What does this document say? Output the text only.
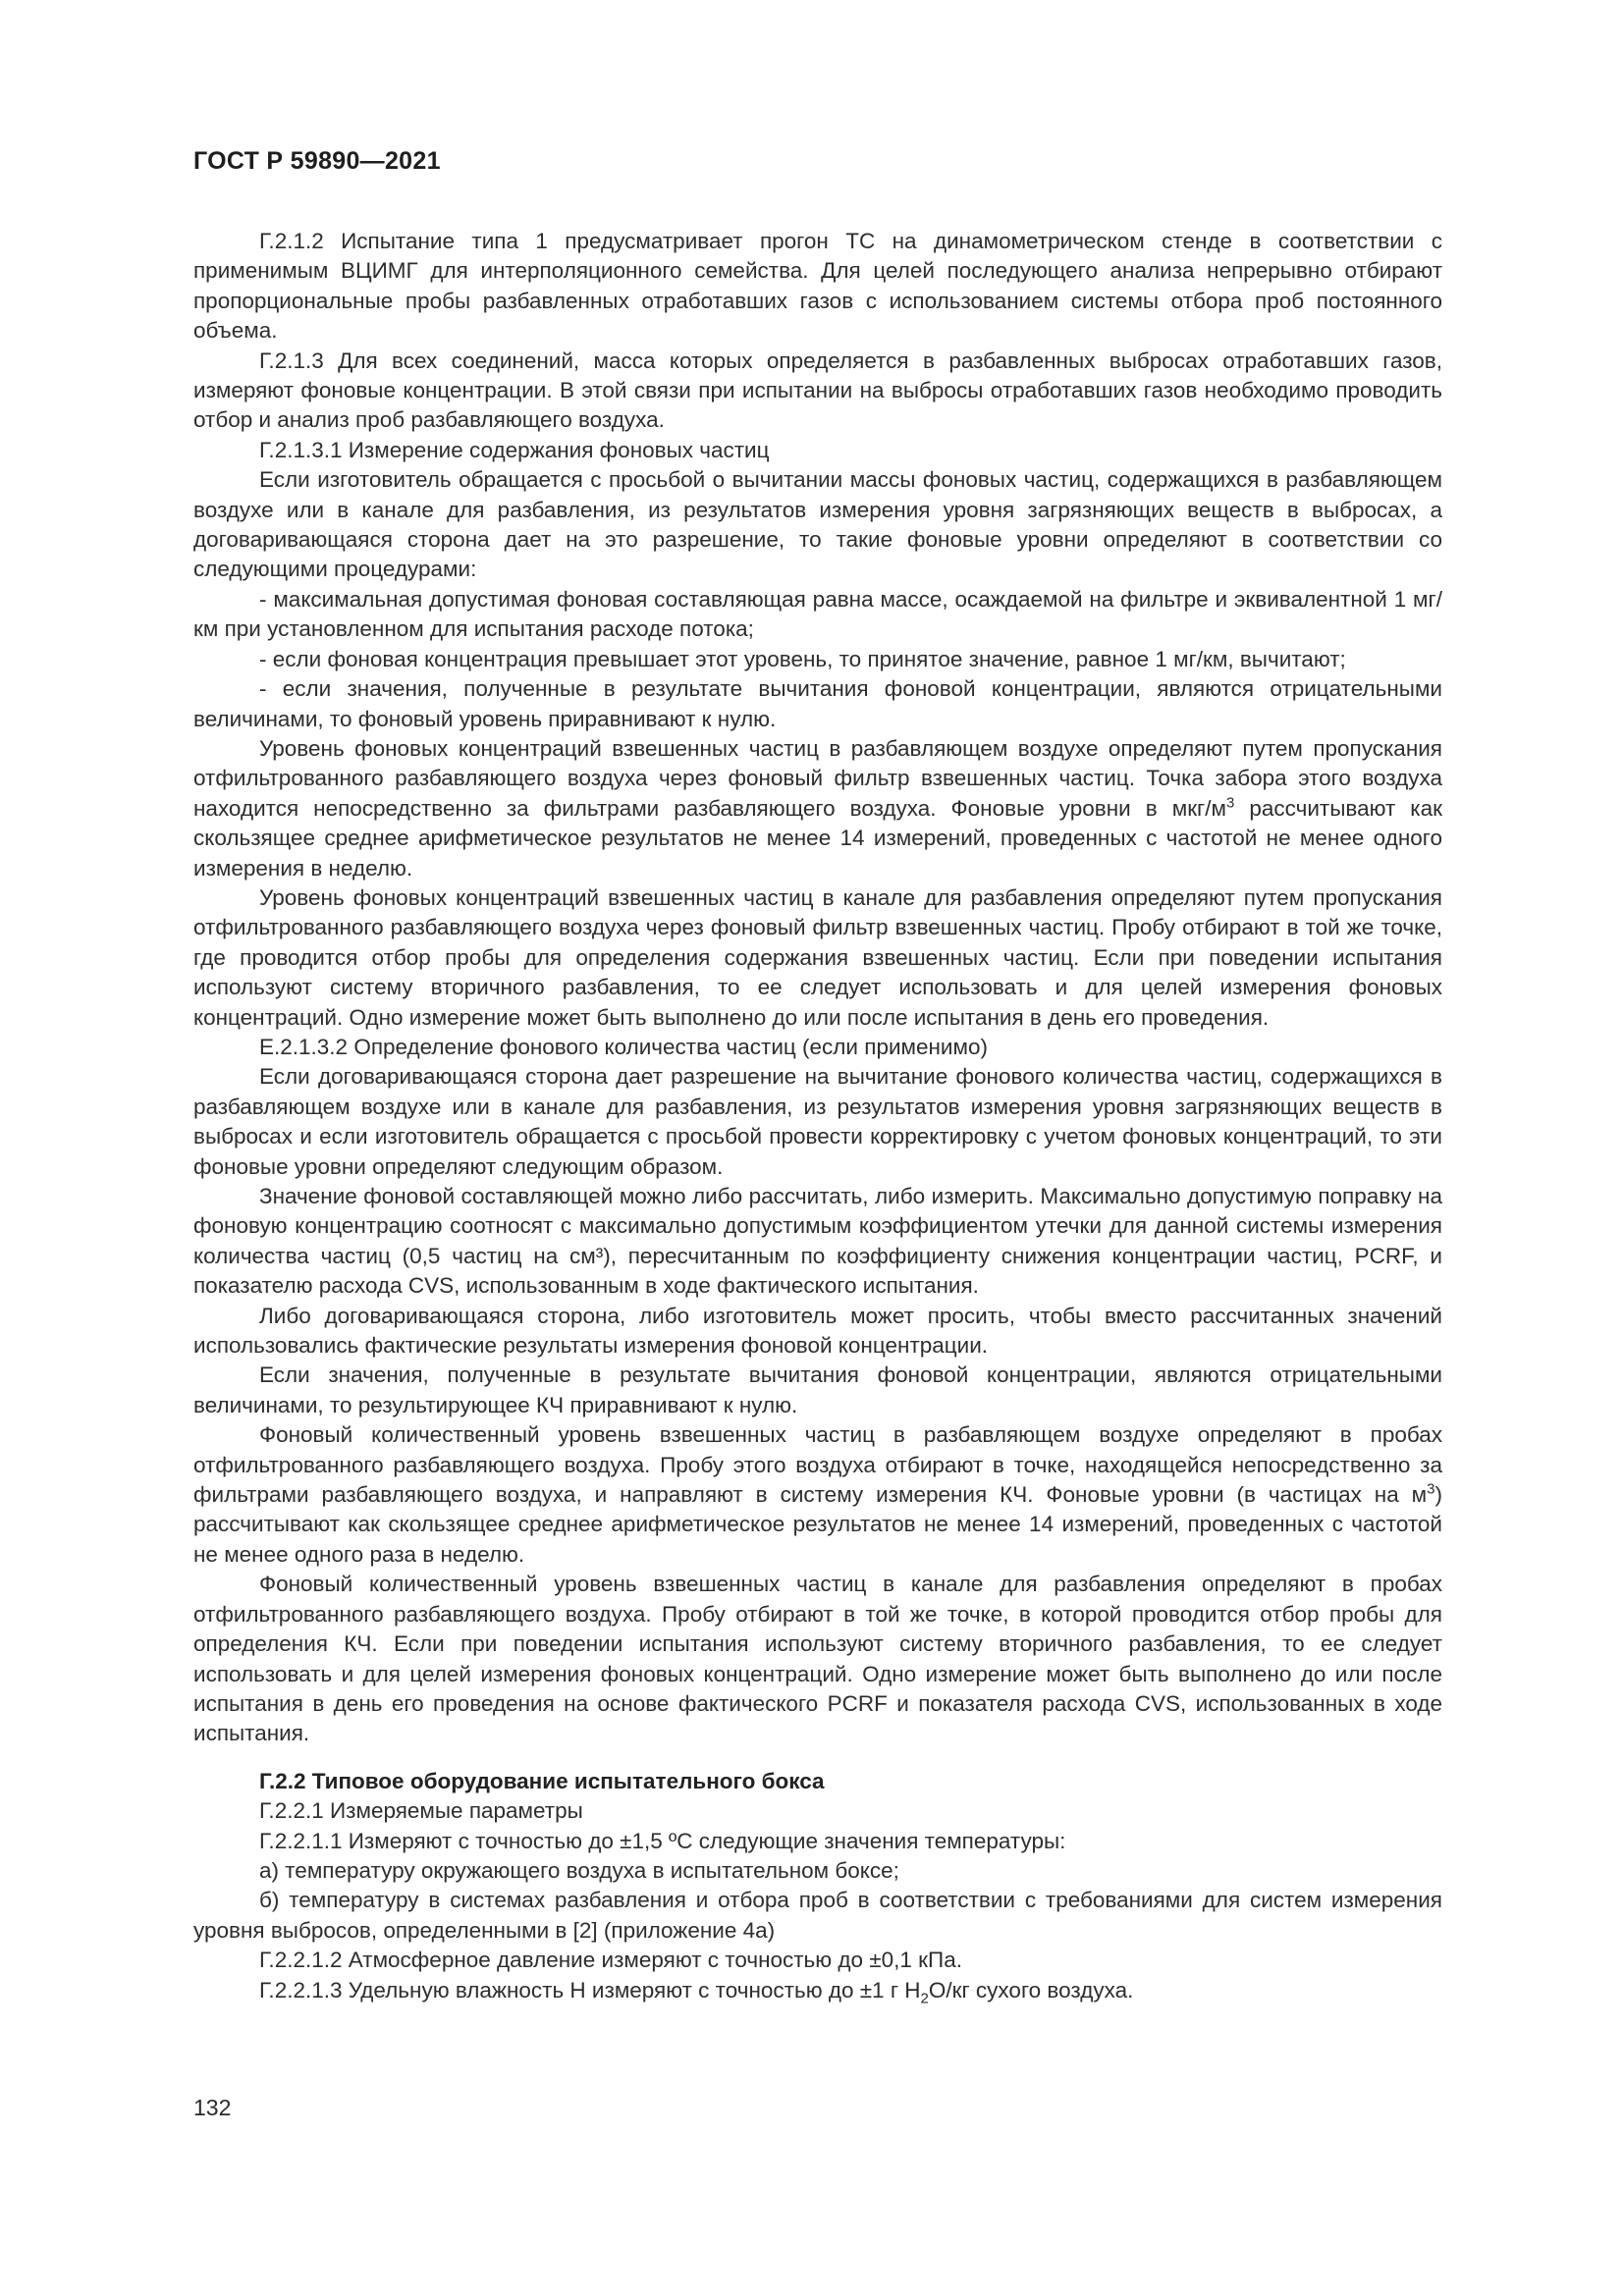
ГОСТ Р 59890—2021

Г.2.1.2 Испытание типа 1 предусматривает прогон ТС на динамометрическом стенде в соответствии с применимым ВЦИМГ для интерполяционного семейства. Для целей последующего анализа непрерывно отбирают пропорциональные пробы разбавленных отработавших газов с использованием системы отбора проб постоянного объема.

Г.2.1.3 Для всех соединений, масса которых определяется в разбавленных выбросах отработавших газов, измеряют фоновые концентрации. В этой связи при испытании на выбросы отработавших газов необходимо проводить отбор и анализ проб разбавляющего воздуха.

Г.2.1.3.1 Измерение содержания фоновых частиц

Если изготовитель обращается с просьбой о вычитании массы фоновых частиц, содержащихся в разбавляющем воздухе или в канале для разбавления, из результатов измерения уровня загрязняющих веществ в выбросах, а договаривающаяся сторона дает на это разрешение, то такие фоновые уровни определяют в соответствии со следующими процедурами:

- максимальная допустимая фоновая составляющая равна массе, осаждаемой на фильтре и эквивалентной 1 мг/км при установленном для испытания расходе потока;

- если фоновая концентрация превышает этот уровень, то принятое значение, равное 1 мг/км, вычитают;

- если значения, полученные в результате вычитания фоновой концентрации, являются отрицательными величинами, то фоновый уровень приравнивают к нулю.

Уровень фоновых концентраций взвешенных частиц в разбавляющем воздухе определяют путем пропускания отфильтрованного разбавляющего воздуха через фоновый фильтр взвешенных частиц. Точка забора этого воздуха находится непосредственно за фильтрами разбавляющего воздуха. Фоновые уровни в мкг/$м^3$ рассчитывают как скользящее среднее арифметическое результатов не менее 14 измерений, проведенных с частотой не менее одного измерения в неделю.

Уровень фоновых концентраций взвешенных частиц в канале для разбавления определяют путем пропускания отфильтрованного разбавляющего воздуха через фоновый фильтр взвешенных частиц. Пробу отбирают в той же точке, где проводится отбор пробы для определения содержания взвешенных частиц. Если при поведении испытания используют систему вторичного разбавления, то ее следует использовать и для целей измерения фоновых концентраций. Одно измерение может быть выполнено до или после испытания в день его проведения.

Е.2.1.3.2 Определение фонового количества частиц (если применимо)

Если договаривающаяся сторона дает разрешение на вычитание фонового количества частиц, содержащихся в разбавляющем воздухе или в канале для разбавления, из результатов измерения уровня загрязняющих веществ в выбросах и если изготовитель обращается с просьбой провести корректировку с учетом фоновых концентраций, то эти фоновые уровни определяют следующим образом.

Значение фоновой составляющей можно либо рассчитать, либо измерить. Максимально допустимую поправку на фоновую концентрацию соотносят с максимально допустимым коэффициентом утечки для данной системы измерения количества частиц (0,5 частиц на см³), пересчитанным по коэффициенту снижения концентрации частиц, PCRF, и показателю расхода CVS, использованным в ходе фактического испытания.

Либо договаривающаяся сторона, либо изготовитель может просить, чтобы вместо рассчитанных значений использовались фактические результаты измерения фоновой концентрации.

Если значения, полученные в результате вычитания фоновой концентрации, являются отрицательными величинами, то результирующее КЧ приравнивают к нулю.

Фоновый количественный уровень взвешенных частиц в разбавляющем воздухе определяют в пробах отфильтрованного разбавляющего воздуха. Пробу этого воздуха отбирают в точке, находящейся непосредственно за фильтрами разбавляющего воздуха, и направляют в систему измерения КЧ. Фоновые уровни (в частицах на $м^3$) рассчитывают как скользящее среднее арифметическое результатов не менее 14 измерений, проведенных с частотой не менее одного раза в неделю.

Фоновый количественный уровень взвешенных частиц в канале для разбавления определяют в пробах отфильтрованного разбавляющего воздуха. Пробу отбирают в той же точке, в которой проводится отбор пробы для определения КЧ. Если при поведении испытания используют систему вторичного разбавления, то ее следует использовать и для целей измерения фоновых концентраций. Одно измерение может быть выполнено до или после испытания в день его проведения на основе фактического PCRF и показателя расхода CVS, использованных в ходе испытания.

Г.2.2 Типовое оборудование испытательного бокса

Г.2.2.1 Измеряемые параметры

Г.2.2.1.1 Измеряют с точностью до ±1,5 ºС следующие значения температуры:

а) температуру окружающего воздуха в испытательном боксе;

б) температуру в системах разбавления и отбора проб в соответствии с требованиями для систем измерения уровня выбросов, определенными в [2] (приложение 4а)

Г.2.2.1.2 Атмосферное давление измеряют с точностью до ±0,1 кПа.

Г.2.2.1.3 Удельную влажность Н измеряют с точностью до ±1 г $Н_2О/кг$ сухого воздуха.

132
